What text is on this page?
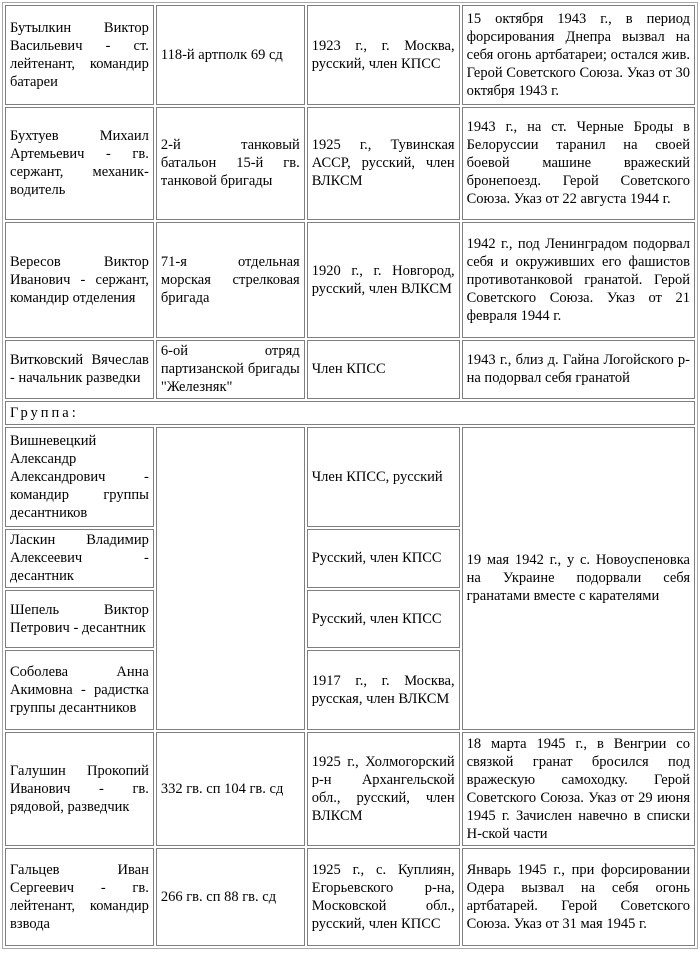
Бутылкин Виктор Васильевич - ст. лейтенант, командир батареи	118-й артполк 69 сд	1923 г., г. Москва, русский, член КПСС	15 октября 1943 г., в период форсирования Днепра вызвал на себя огонь артбатареи; остался жив. Герой Советского Союза. Указ от 30 октября 1943 г.
Бухтуев Михаил Артемьевич - гв. сержант, механик-водитель	2-й танковый батальон 15-й гв. танковой бригады	1925 г., Тувинская АССР, русский, член ВЛКСМ	1943 г., на ст. Черные Броды в Белоруссии таранил на своей боевой машине вражеский бронепоезд. Герой Советского Союза. Указ от 22 августа 1944 г.
Вересов Виктор Иванович - сержант, командир отделения	71-я отдельная морская стрелковая бригада	1920 г., г. Новгород, русский, член ВЛКСМ	1942 г., под Ленинградом подорвал себя и окруживших его фашистов противотанковой гранатой. Герой Советского Союза. Указ от 21 февраля 1944 г.
Витковский Вячеслав - начальник разведки	6-ой отряд партизанской бригады "Железняк"	Член КПСС	1943 г., близ д. Гайна Логойского р-на подорвал себя гранатой
Группа:			
Вишневецкий Александр Александрович - командир группы десантников		Член КПСС, русский	19 мая 1942 г., у с. Новоуспеновка на Украине подорвали себя гранатами вместе с карателями
Ласкин Владимир Алексеевич - десантник		Русский, член КПСС	
Шепель Виктор Петрович - десантник		Русский, член КПСС	
Соболева Анна Акимовна - радистка группы десантников		1917 г., г. Москва, русская, член ВЛКСМ	
Галушин Прокопий Иванович - гв. рядовой, разведчик	332 гв. сп 104 гв. сд	1925 г., Холмогорский р-н Архангельской обл., русский, член ВЛКСМ	18 марта 1945 г., в Венгрии со связкой гранат бросился под вражескую самоходку. Герой Советского Союза. Указ от 29 июня 1945 г. Зачислен навечно в списки Н-ской части
Гальцев Иван Сергеевич - гв. лейтенант, командир взвода	266 гв. сп 88 гв. сд	1925 г., с. Куплиян, Егорьевского р-на, Московской обл., русский, член КПСС	Январь 1945 г., при форсировании Одера вызвал на себя огонь артбатарей. Герой Советского Союза. Указ от 31 мая 1945 г.
